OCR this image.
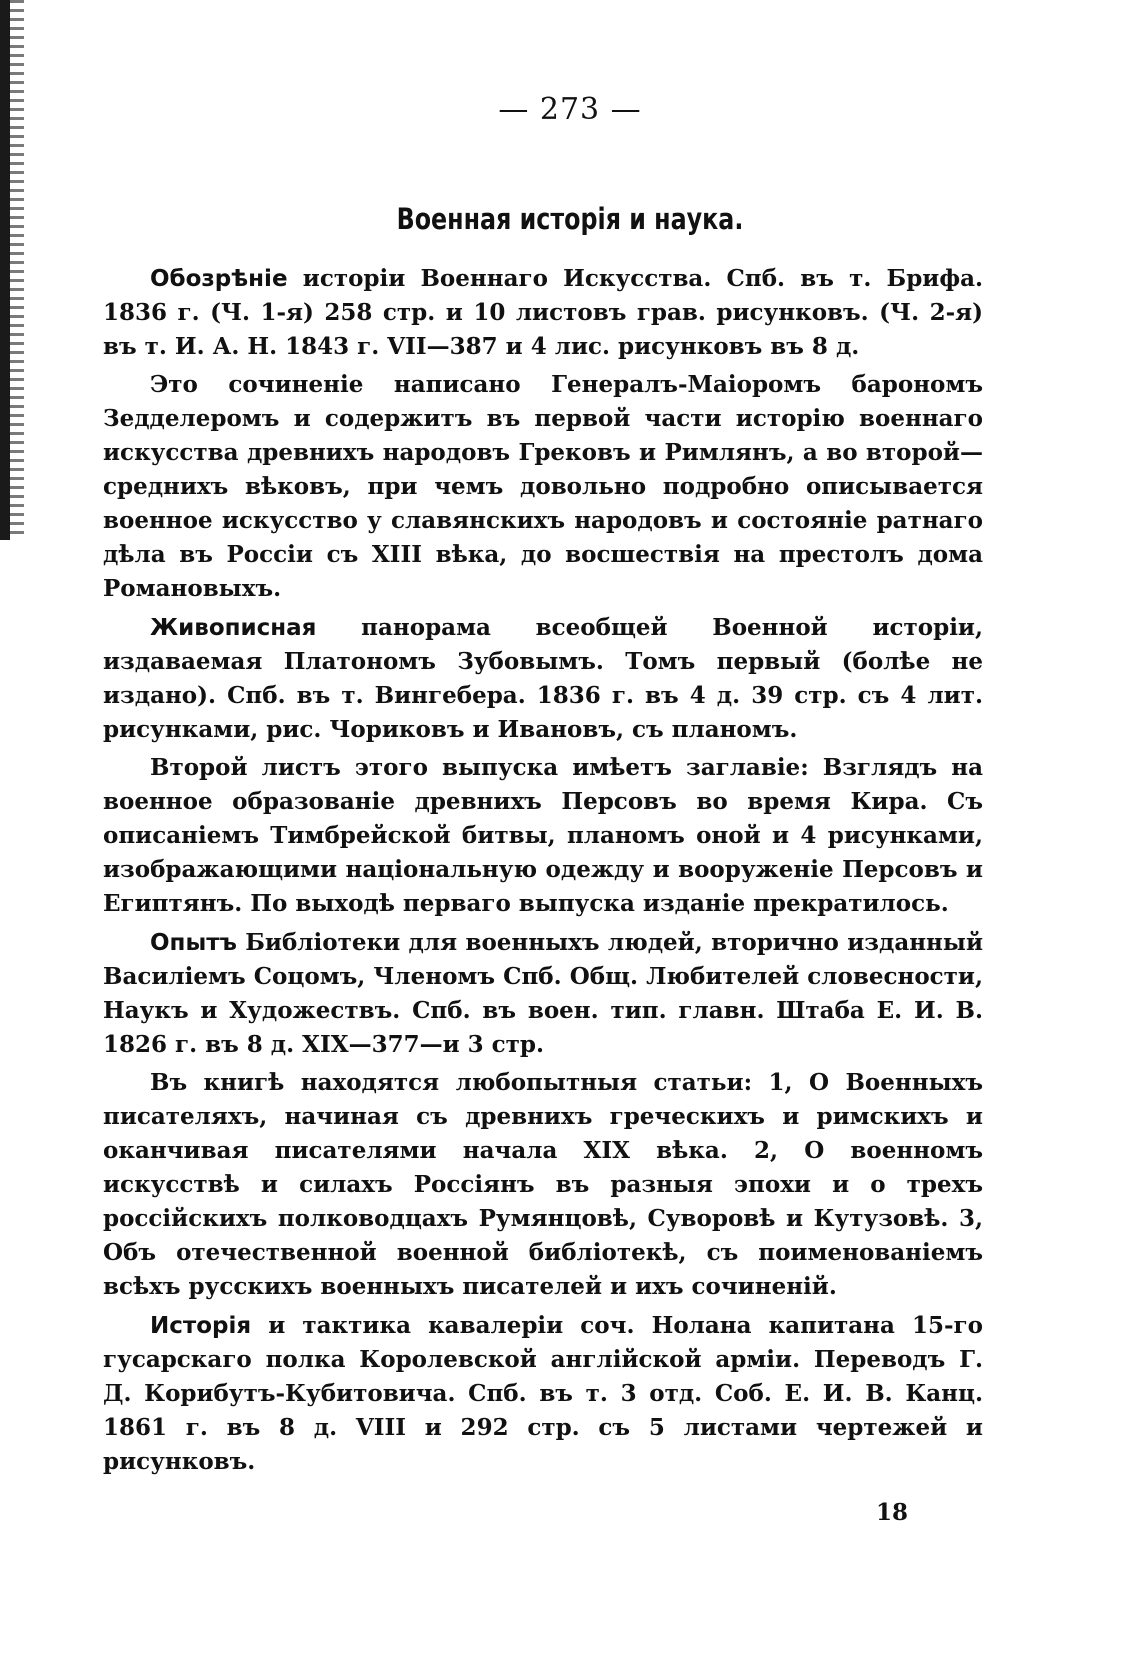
— 273 —
Военная исторія и наука.

Обозрѣніе исторіи Военнаго Искусства. Спб. въ т. Брифа. 1836 г. (Ч. 1-я) 258 стр. и 10 листовъ грав. рисунковъ. (Ч. 2-я) въ т. И. А. Н. 1843 г. VII—387 и 4 лис. рисунковъ въ 8 д.

Это сочиненіе написано Генералъ-Маіоромъ барономъ Зедделеромъ и содержитъ въ первой части исторію военнаго искусства древнихъ народовъ Грековъ и Римлянъ, а во второй—среднихъ вѣковъ, при чемъ довольно подробно описывается военное искусство у славянскихъ народовъ и состояніе ратнаго дѣла въ Россіи съ XIII вѣка, до восшествія на престолъ дома Романовыхъ.

Живописная панорама всеобщей Военной исторіи, издаваемая Платономъ Зубовымъ. Томъ первый (болѣе не издано). Спб. въ т. Вингебера. 1836 г. въ 4 д. 39 стр. съ 4 лит. рисунками, рис. Чориковъ и Ивановъ, съ планомъ.

Второй листъ этого выпуска имѣетъ заглавіе: Взглядъ на военное образованіе древнихъ Персовъ во время Кира. Съ описаніемъ Тимбрейской битвы, планомъ оной и 4 рисунками, изображающими національную одежду и вооруженіе Персовъ и Египтянъ. По выходѣ перваго выпуска изданіе прекратилось.

Опытъ Библіотеки для военныхъ людей, вторично изданный Василіемъ Соцомъ, Членомъ Спб. Общ. Любителей словесности, Наукъ и Художествъ. Спб. въ воен. тип. главн. Штаба Е. И. В. 1826 г. въ 8 д. XIX—377—и 3 стр.

Въ книгѣ находятся любопытныя статьи: 1, О Военныхъ писателяхъ, начиная съ древнихъ греческихъ и римскихъ и оканчивая писателями начала XIX вѣка. 2, О военномъ искусствѣ и силахъ Россіянъ въ разныя эпохи и о трехъ россійскихъ полководцахъ Румянцовѣ, Суворовѣ и Кутузовѣ. 3, Объ отечественной военной библіотекѣ, съ поименованіемъ всѣхъ русскихъ военныхъ писателей и ихъ сочиненій.

Исторія и тактика кавалеріи соч. Нолана капитана 15-го гусарскаго полка Королевской англійской арміи. Переводъ Г. Д. Корибутъ-Кубитовича. Спб. въ т. 3 отд. Соб. Е. И. В. Канц. 1861 г. въ 8 д. VIII и 292 стр. съ 5 листами чертежей и рисунковъ.

18
